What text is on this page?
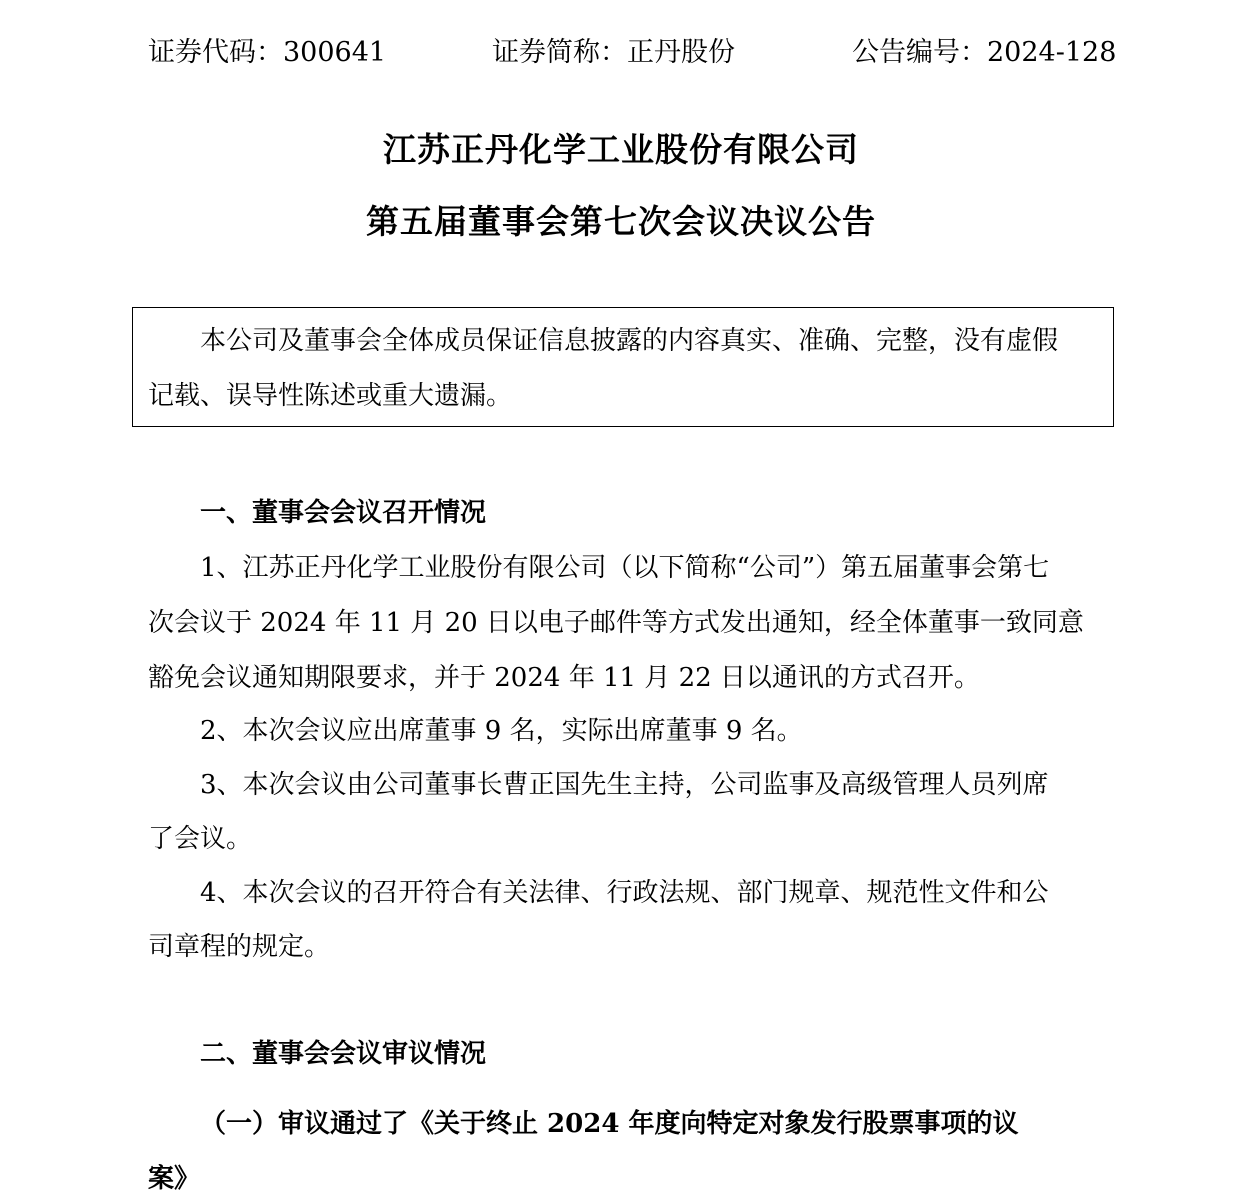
证券代码：300641	证券简称：正丹股份	公告编号：2024-128
江苏正丹化学工业股份有限公司
第五届董事会第七次会议决议公告
本公司及董事会全体成员保证信息披露的内容真实、准确、完整，没有虚假
记载、误导性陈述或重大遗漏。
一、董事会会议召开情况
1、江苏正丹化学工业股份有限公司（以下简称“公司”）第五届董事会第七
次会议于 2024 年 11 月 20 日以电子邮件等方式发出通知，经全体董事一致同意
豁免会议通知期限要求，并于 2024 年 11 月 22 日以通讯的方式召开。
2、本次会议应出席董事 9 名，实际出席董事 9 名。
3、本次会议由公司董事长曹正国先生主持，公司监事及高级管理人员列席
了会议。
4、本次会议的召开符合有关法律、行政法规、部门规章、规范性文件和公
司章程的规定。
二、董事会会议审议情况
（一）审议通过了《关于终止 2024 年度向特定对象发行股票事项的议
案》
